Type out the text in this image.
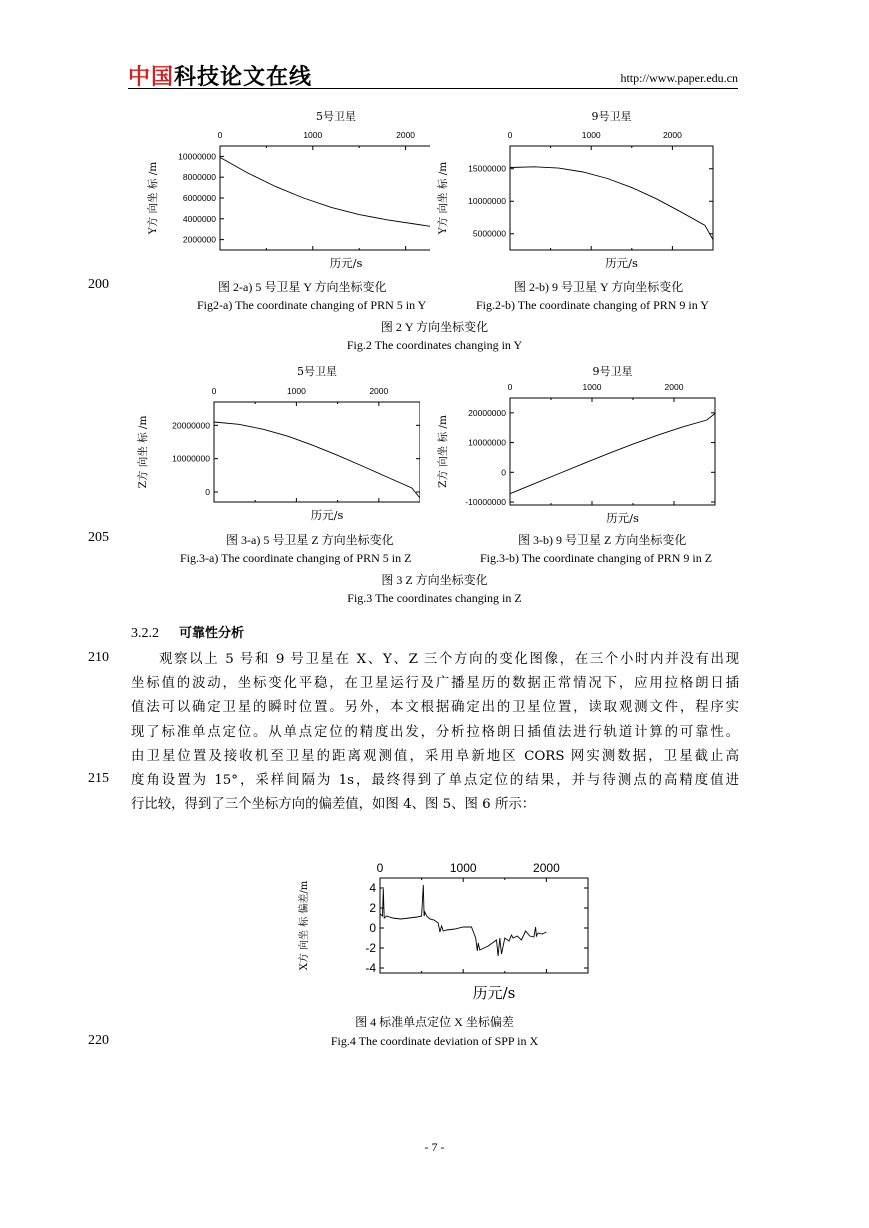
中国科技论文在线	http://www.paper.edu.cn
5号卫星
0	1000	2000
2000000
4000000
6000000
8000000
10000000
历元/s
Y方 向坐 标 /m
9号卫星
0	1000	2000
5000000
10000000
15000000
历元/s
Y方 向坐 标 /m
200	图 2-a) 5 号卫星 Y 方向坐标变化	图 2-b) 9 号卫星 Y 方向坐标变化
Fig2-a) The coordinate changing of PRN 5 in Y	Fig.2-b) The coordinate changing of PRN 9 in Y
图 2 Y 方向坐标变化
Fig.2 The coordinates changing in Y
5号卫星
0	1000	2000
0
10000000
20000000
历元/s
Z方 向坐 标 /m
9号卫星
0	1000	2000
-10000000
0
10000000
20000000
历元/s
Z方 向坐 标 /m
205	图 3-a) 5 号卫星 Z 方向坐标变化	图 3-b) 9 号卫星 Z 方向坐标变化
Fig.3-a) The coordinate changing of PRN 5 in Z	Fig.3-b) The coordinate changing of PRN 9 in Z
图 3 Z 方向坐标变化
Fig.3 The coordinates changing in Z
3.2.2 可靠性分析
210
215
观察以上 5 号和 9 号卫星在 X、Y、Z 三个方向的变化图像，在三个小时内并没有出现
坐标值的波动，坐标变化平稳，在卫星运行及广播星历的数据正常情况下，应用拉格朗日插
值法可以确定卫星的瞬时位置。另外，本文根据确定出的卫星位置，读取观测文件，程序实
现了标准单点定位。从单点定位的精度出发，分析拉格朗日插值法进行轨道计算的可靠性。
由卫星位置及接收机至卫星的距离观测值，采用阜新地区 CORS 网实测数据，卫星截止高
度角设置为 15°，采样间隔为 1s，最终得到了单点定位的结果，并与待测点的高精度值进
行比较，得到了三个坐标方向的偏差值，如图 4、图 5、图 6 所示：
0	1000	2000
-4
-2
0
2
4
历元/s
X方 向坐 标 偏差/m
图 4 标准单点定位 X 坐标偏差
220	Fig.4 The coordinate deviation of SPP in X
- 7 -
